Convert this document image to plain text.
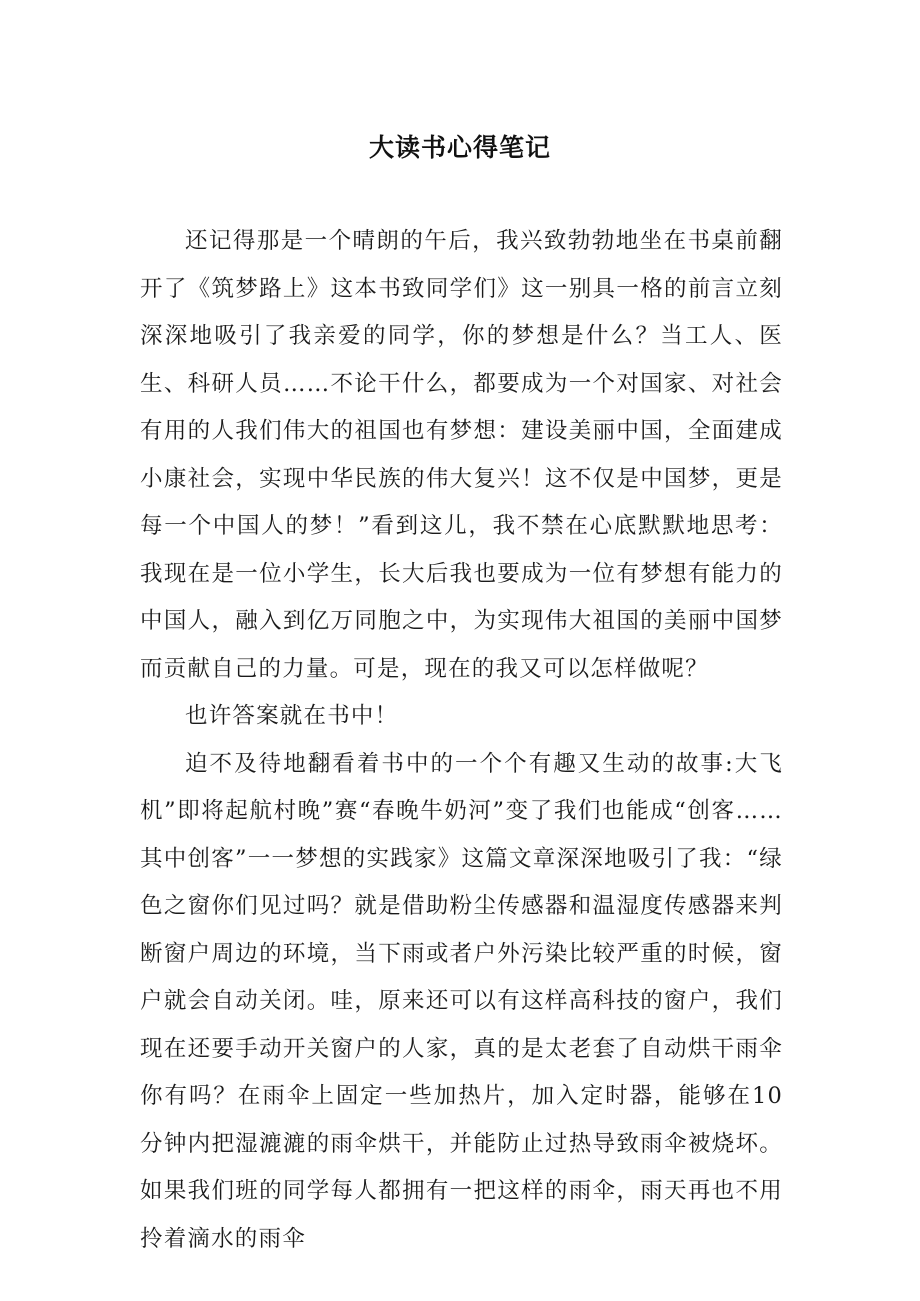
大读书心得笔记

还记得那是一个晴朗的午后，我兴致勃勃地坐在书桌前翻开了《筑梦路上》这本书致同学们》这一别具一格的前言立刻深深地吸引了我亲爱的同学，你的梦想是什么？当工人、医生、科研人员……不论干什么，都要成为一个对国家、对社会有用的人我们伟大的祖国也有梦想：建设美丽中国，全面建成小康社会，实现中华民族的伟大复兴！这不仅是中国梦，更是每一个中国人的梦！”看到这儿，我不禁在心底默默地思考：我现在是一位小学生，长大后我也要成为一位有梦想有能力的中国人，融入到亿万同胞之中，为实现伟大祖国的美丽中国梦而贡献自己的力量。可是，现在的我又可以怎样做呢？

也许答案就在书中！

迫不及待地翻看着书中的一个个有趣又生动的故事:大飞机”即将起航村晚”赛“春晚牛奶河”变了我们也能成“创客……其中创客”一一梦想的实践家》这篇文章深深地吸引了我：“绿色之窗你们见过吗？就是借助粉尘传感器和温湿度传感器来判断窗户周边的环境，当下雨或者户外污染比较严重的时候，窗户就会自动关闭。哇，原来还可以有这样高科技的窗户，我们现在还要手动开关窗户的人家，真的是太老套了自动烘干雨伞你有吗？在雨伞上固定一些加热片，加入定时器，能够在10分钟内把湿漉漉的雨伞烘干，并能防止过热导致雨伞被烧坏。如果我们班的同学每人都拥有一把这样的雨伞，雨天再也不用拎着滴水的雨伞
